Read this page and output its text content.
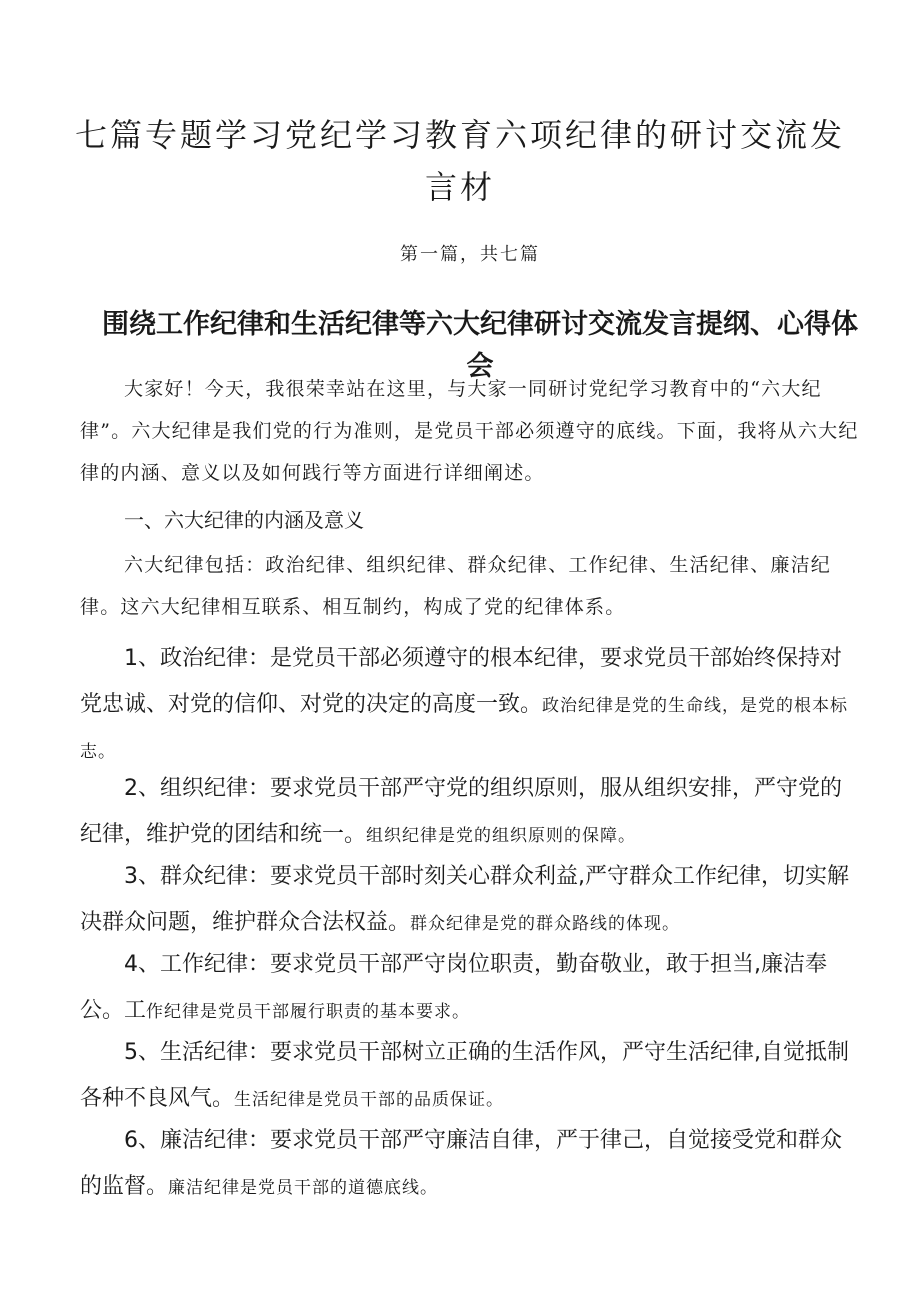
七篇专题学习党纪学习教育六项纪律的研讨交流发言材
第一篇，共七篇
围绕工作纪律和生活纪律等六大纪律研讨交流发言提纲、心得体会

大家好！今天，我很荣幸站在这里，与大家一同研讨党纪学习教育中的“六大纪律”。六大纪律是我们党的行为准则，是党员干部必须遵守的底线。下面，我将从六大纪律的内涵、意义以及如何践行等方面进行详细阐述。

一、六大纪律的内涵及意义

六大纪律包括：政治纪律、组织纪律、群众纪律、工作纪律、生活纪律、廉洁纪律。这六大纪律相互联系、相互制约，构成了党的纪律体系。

1、政治纪律：是党员干部必须遵守的根本纪律，要求党员干部始终保持对党忠诚、对党的信仰、对党的决定的高度一致。政治纪律是党的生命线，是党的根本标志。

2、组织纪律：要求党员干部严守党的组织原则，服从组织安排，严守党的纪律，维护党的团结和统一。组织纪律是党的组织原则的保障。

3、群众纪律：要求党员干部时刻关心群众利益,严守群众工作纪律，切实解决群众问题，维护群众合法权益。群众纪律是党的群众路线的体现。

4、工作纪律：要求党员干部严守岗位职责，勤奋敬业，敢于担当,廉洁奉公。工作纪律是党员干部履行职责的基本要求。

5、生活纪律：要求党员干部树立正确的生活作风，严守生活纪律,自觉抵制各种不良风气。生活纪律是党员干部的品质保证。

6、廉洁纪律：要求党员干部严守廉洁自律，严于律己，自觉接受党和群众的监督。廉洁纪律是党员干部的道德底线。
